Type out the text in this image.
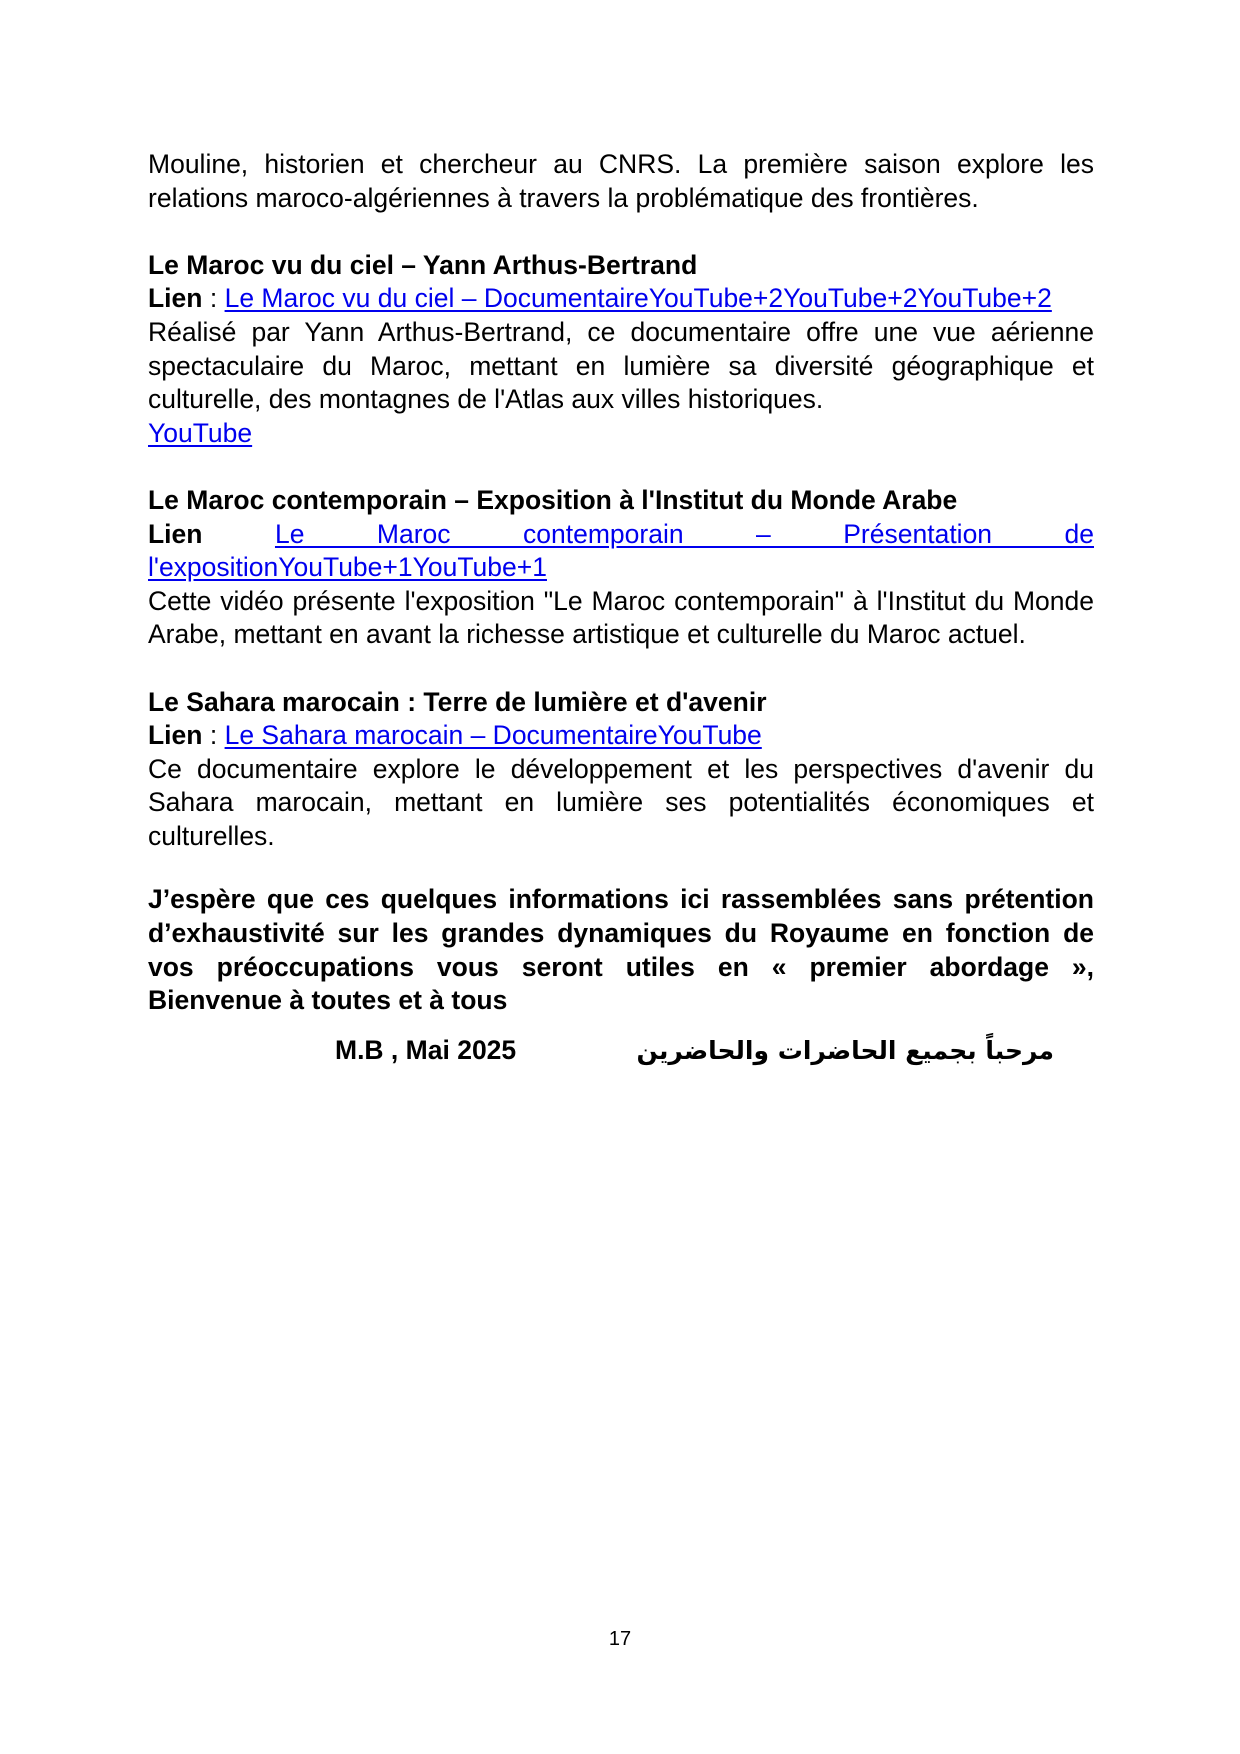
Mouline, historien et chercheur au CNRS. La première saison explore les relations maroco-algériennes à travers la problématique des frontières.

Le Maroc vu du ciel – Yann Arthus-Bertrand

Lien : Le Maroc vu du ciel – DocumentaireYouTube+2YouTube+2YouTube+2

Réalisé par Yann Arthus-Bertrand, ce documentaire offre une vue aérienne spectaculaire du Maroc, mettant en lumière sa diversité géographique et culturelle, des montagnes de l'Atlas aux villes historiques.

YouTube

Le Maroc contemporain – Exposition à l'Institut du Monde Arabe

Lien	Le Maroc contemporain – Présentation de l'expositionYouTube+1YouTube+1

Cette vidéo présente l'exposition "Le Maroc contemporain" à l'Institut du Monde Arabe, mettant en avant la richesse artistique et culturelle du Maroc actuel.

Le Sahara marocain : Terre de lumière et d'avenir

Lien : Le Sahara marocain – DocumentaireYouTube

Ce documentaire explore le développement et les perspectives d'avenir du Sahara marocain, mettant en lumière ses potentialités économiques et culturelles.

J’espère que ces quelques informations ici rassemblées sans prétention d’exhaustivité sur les grandes dynamiques du Royaume en fonction de vos préoccupations vous seront utiles en « premier abordage », Bienvenue à toutes et à tous

M.B , Mai 2025	مرحباً بجميع الحاضرات والحاضرين
17
